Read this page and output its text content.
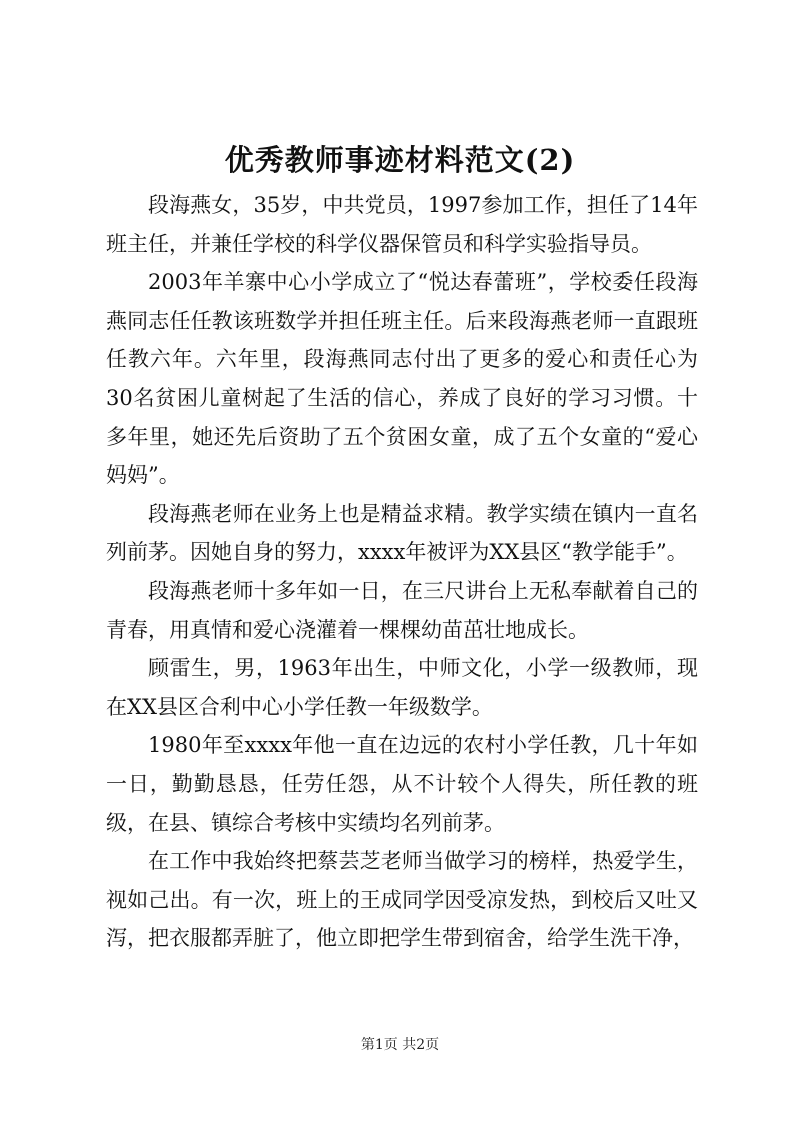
优秀教师事迹材料范文(2)

段海燕女，35岁，中共党员，1997参加工作，担任了14年班主任，并兼任学校的科学仪器保管员和科学实验指导员。

2003年羊寨中心小学成立了“悦达春蕾班”，学校委任段海燕同志任任教该班数学并担任班主任。后来段海燕老师一直跟班任教六年。六年里，段海燕同志付出了更多的爱心和责任心为30名贫困儿童树起了生活的信心，养成了良好的学习习惯。十多年里，她还先后资助了五个贫困女童，成了五个女童的“爱心妈妈”。

段海燕老师在业务上也是精益求精。教学实绩在镇内一直名列前茅。因她自身的努力，xxxx年被评为XX县区“教学能手”。

段海燕老师十多年如一日，在三尺讲台上无私奉献着自己的青春，用真情和爱心浇灌着一棵棵幼苗茁壮地成长。

顾雷生，男，1963年出生，中师文化，小学一级教师，现在XX县区合利中心小学任教一年级数学。

1980年至xxxx年他一直在边远的农村小学任教，几十年如一日，勤勤恳恳，任劳任怨，从不计较个人得失，所任教的班级，在县、镇综合考核中实绩均名列前茅。

在工作中我始终把蔡芸芝老师当做学习的榜样，热爱学生，视如己出。有一次，班上的王成同学因受凉发热，到校后又吐又泻，把衣服都弄脏了，他立即把学生带到宿舍，给学生洗干净，

第1页 共2页
